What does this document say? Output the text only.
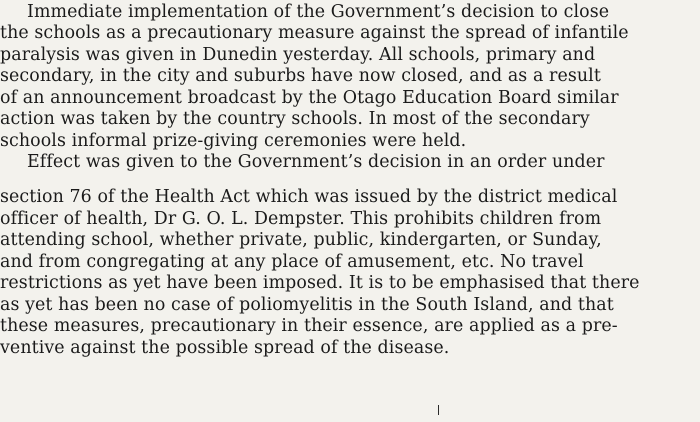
Immediate implementation of the Government’s decision to close
the schools as a precautionary measure against the spread of infantile
paralysis was given in Dunedin yesterday. All schools, primary and
secondary, in the city and suburbs have now closed, and as a result
of an announcement broadcast by the Otago Education Board similar
action was taken by the country schools. In most of the secondary
schools informal prize-giving ceremonies were held.
Effect was given to the Government’s decision in an order under
section 76 of the Health Act which was issued by the district medical
officer of health, Dr G. O. L. Dempster. This prohibits children from
attending school, whether private, public, kindergarten, or Sunday,
and from congregating at any place of amusement, etc. No travel
restrictions as yet have been imposed. It is to be emphasised that there
as yet has been no case of poliomyelitis in the South Island, and that
these measures, precautionary in their essence, are applied as a pre-
ventive against the possible spread of the disease.
